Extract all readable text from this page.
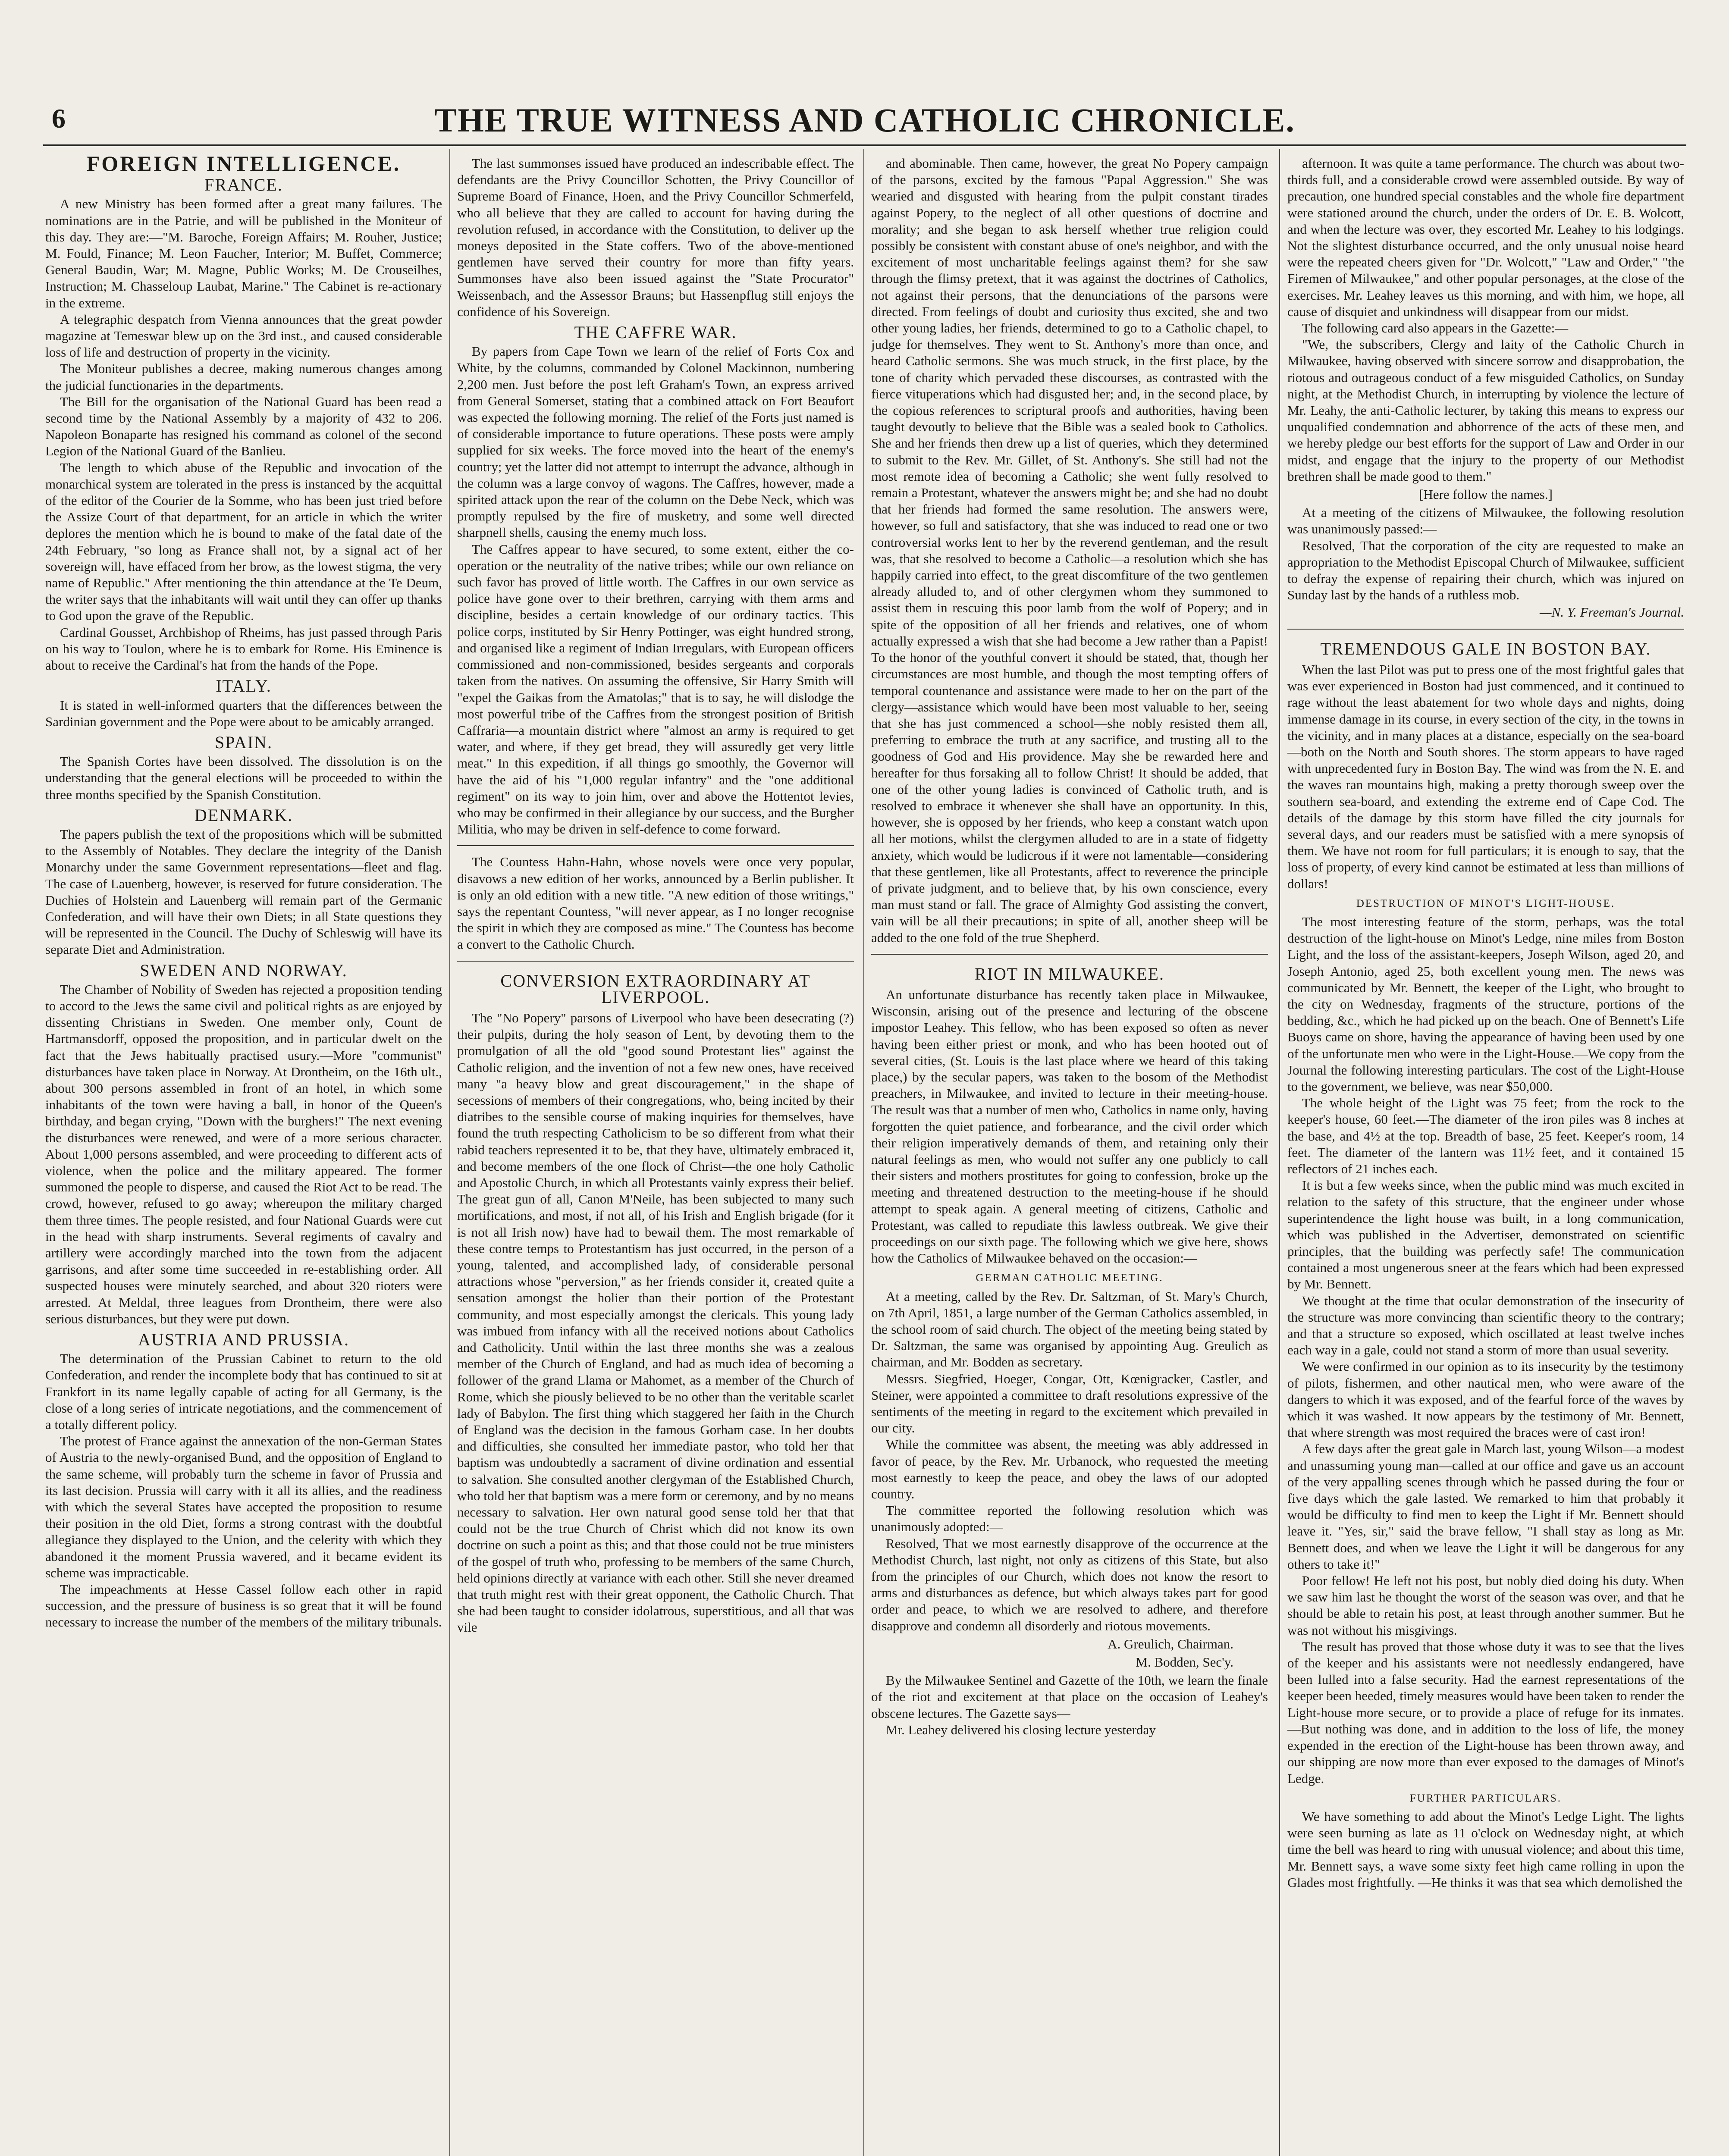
6	THE TRUE WITNESS AND CATHOLIC CHRONICLE.
FOREIGN INTELLIGENCE.
FRANCE.

A new Ministry has been formed after a great many failures. The nominations are in the Patrie, and will be published in the Moniteur of this day. They are:—"M. Baroche, Foreign Affairs; M. Rouher, Justice; M. Fould, Finance; M. Leon Faucher, Interior; M. Buffet, Commerce; General Baudin, War; M. Magne, Public Works; M. De Crouseilhes, Instruction; M. Chasseloup Laubat, Marine." The Cabinet is re-actionary in the extreme.

A telegraphic despatch from Vienna announces that the great powder magazine at Temeswar blew up on the 3rd inst., and caused considerable loss of life and destruction of property in the vicinity.

The Moniteur publishes a decree, making numerous changes among the judicial functionaries in the departments.

The Bill for the organisation of the National Guard has been read a second time by the National Assembly by a majority of 432 to 206. Napoleon Bonaparte has resigned his command as colonel of the second Legion of the National Guard of the Banlieu.

The length to which abuse of the Republic and invocation of the monarchical system are tolerated in the press is instanced by the acquittal of the editor of the Courier de la Somme, who has been just tried before the Assize Court of that department, for an article in which the writer deplores the mention which he is bound to make of the fatal date of the 24th February, "so long as France shall not, by a signal act of her sovereign will, have effaced from her brow, as the lowest stigma, the very name of Republic." After mentioning the thin attendance at the Te Deum, the writer says that the inhabitants will wait until they can offer up thanks to God upon the grave of the Republic.

Cardinal Gousset, Archbishop of Rheims, has just passed through Paris on his way to Toulon, where he is to embark for Rome. His Eminence is about to receive the Cardinal's hat from the hands of the Pope.

ITALY.

It is stated in well-informed quarters that the differences between the Sardinian government and the Pope were about to be amicably arranged.

SPAIN.

The Spanish Cortes have been dissolved. The dissolution is on the understanding that the general elections will be proceeded to within the three months specified by the Spanish Constitution.

DENMARK.

The papers publish the text of the propositions which will be submitted to the Assembly of Notables. They declare the integrity of the Danish Monarchy under the same Government representations—fleet and flag. The case of Lauenberg, however, is reserved for future consideration. The Duchies of Holstein and Lauenberg will remain part of the Germanic Confederation, and will have their own Diets; in all State questions they will be represented in the Council. The Duchy of Schleswig will have its separate Diet and Administration.

SWEDEN AND NORWAY.

The Chamber of Nobility of Sweden has rejected a proposition tending to accord to the Jews the same civil and political rights as are enjoyed by dissenting Christians in Sweden. One member only, Count de Hartmansdorff, opposed the proposition, and in particular dwelt on the fact that the Jews habitually practised usury.—More "communist" disturbances have taken place in Norway. At Drontheim, on the 16th ult., about 300 persons assembled in front of an hotel, in which some inhabitants of the town were having a ball, in honor of the Queen's birthday, and began crying, "Down with the burghers!" The next evening the disturbances were renewed, and were of a more serious character. About 1,000 persons assembled, and were proceeding to different acts of violence, when the police and the military appeared. The former summoned the people to disperse, and caused the Riot Act to be read. The crowd, however, refused to go away; whereupon the military charged them three times. The people resisted, and four National Guards were cut in the head with sharp instruments. Several regiments of cavalry and artillery were accordingly marched into the town from the adjacent garrisons, and after some time succeeded in re-establishing order. All suspected houses were minutely searched, and about 320 rioters were arrested. At Meldal, three leagues from Drontheim, there were also serious disturbances, but they were put down.

AUSTRIA AND PRUSSIA.

The determination of the Prussian Cabinet to return to the old Confederation, and render the incomplete body that has continued to sit at Frankfort in its name legally capable of acting for all Germany, is the close of a long series of intricate negotiations, and the commencement of a totally different policy.

The protest of France against the annexation of the non-German States of Austria to the newly-organised Bund, and the opposition of England to the same scheme, will probably turn the scheme in favor of Prussia and its last decision. Prussia will carry with it all its allies, and the readiness with which the several States have accepted the proposition to resume their position in the old Diet, forms a strong contrast with the doubtful allegiance they displayed to the Union, and the celerity with which they abandoned it the moment Prussia wavered, and it became evident its scheme was impracticable.

The impeachments at Hesse Cassel follow each other in rapid succession, and the pressure of business is so great that it will be found necessary to increase the number of the members of the military tribunals.

The last summonses issued have produced an indescribable effect. The defendants are the Privy Councillor Schotten, the Privy Councillor of Supreme Board of Finance, Hoen, and the Privy Councillor Schmerfeld, who all believe that they are called to account for having during the revolution refused, in accordance with the Constitution, to deliver up the moneys deposited in the State coffers. Two of the above-mentioned gentlemen have served their country for more than fifty years. Summonses have also been issued against the "State Procurator" Weissenbach, and the Assessor Brauns; but Hassenpflug still enjoys the confidence of his Sovereign.

THE CAFFRE WAR.

By papers from Cape Town we learn of the relief of Forts Cox and White, by the columns, commanded by Colonel Mackinnon, numbering 2,200 men. Just before the post left Graham's Town, an express arrived from General Somerset, stating that a combined attack on Fort Beaufort was expected the following morning. The relief of the Forts just named is of considerable importance to future operations. These posts were amply supplied for six weeks. The force moved into the heart of the enemy's country; yet the latter did not attempt to interrupt the advance, although in the column was a large convoy of wagons. The Caffres, however, made a spirited attack upon the rear of the column on the Debe Neck, which was promptly repulsed by the fire of musketry, and some well directed sharpnell shells, causing the enemy much loss.

The Caffres appear to have secured, to some extent, either the co-operation or the neutrality of the native tribes; while our own reliance on such favor has proved of little worth. The Caffres in our own service as police have gone over to their brethren, carrying with them arms and discipline, besides a certain knowledge of our ordinary tactics. This police corps, instituted by Sir Henry Pottinger, was eight hundred strong, and organised like a regiment of Indian Irregulars, with European officers commissioned and non-commissioned, besides sergeants and corporals taken from the natives. On assuming the offensive, Sir Harry Smith will "expel the Gaikas from the Amatolas;" that is to say, he will dislodge the most powerful tribe of the Caffres from the strongest position of British Caffraria—a mountain district where "almost an army is required to get water, and where, if they get bread, they will assuredly get very little meat." In this expedition, if all things go smoothly, the Governor will have the aid of his "1,000 regular infantry" and the "one additional regiment" on its way to join him, over and above the Hottentot levies, who may be confirmed in their allegiance by our success, and the Burgher Militia, who may be driven in self-defence to come forward.

The Countess Hahn-Hahn, whose novels were once very popular, disavows a new edition of her works, announced by a Berlin publisher. It is only an old edition with a new title. "A new edition of those writings," says the repentant Countess, "will never appear, as I no longer recognise the spirit in which they are composed as mine." The Countess has become a convert to the Catholic Church.

CONVERSION EXTRAORDINARY AT LIVERPOOL.

The "No Popery" parsons of Liverpool who have been desecrating (?) their pulpits, during the holy season of Lent, by devoting them to the promulgation of all the old "good sound Protestant lies" against the Catholic religion, and the invention of not a few new ones, have received many "a heavy blow and great discouragement," in the shape of secessions of members of their congregations, who, being incited by their diatribes to the sensible course of making inquiries for themselves, have found the truth respecting Catholicism to be so different from what their rabid teachers represented it to be, that they have, ultimately embraced it, and become members of the one flock of Christ—the one holy Catholic and Apostolic Church, in which all Protestants vainly express their belief. The great gun of all, Canon M'Neile, has been subjected to many such mortifications, and most, if not all, of his Irish and English brigade (for it is not all Irish now) have had to bewail them. The most remarkable of these contre temps to Protestantism has just occurred, in the person of a young, talented, and accomplished lady, of considerable personal attractions whose "perversion," as her friends consider it, created quite a sensation amongst the holier than their portion of the Protestant community, and most especially amongst the clericals. This young lady was imbued from infancy with all the received notions about Catholics and Catholicity. Until within the last three months she was a zealous member of the Church of England, and had as much idea of becoming a follower of the grand Llama or Mahomet, as a member of the Church of Rome, which she piously believed to be no other than the veritable scarlet lady of Babylon. The first thing which staggered her faith in the Church of England was the decision in the famous Gorham case. In her doubts and difficulties, she consulted her immediate pastor, who told her that baptism was undoubtedly a sacrament of divine ordination and essential to salvation. She consulted another clergyman of the Established Church, who told her that baptism was a mere form or ceremony, and by no means necessary to salvation. Her own natural good sense told her that that could not be the true Church of Christ which did not know its own doctrine on such a point as this; and that those could not be true ministers of the gospel of truth who, professing to be members of the same Church, held opinions directly at variance with each other. Still she never dreamed that truth might rest with their great opponent, the Catholic Church. That she had been taught to consider idolatrous, superstitious, and all that was vile

and abominable. Then came, however, the great No Popery campaign of the parsons, excited by the famous "Papal Aggression." She was wearied and disgusted with hearing from the pulpit constant tirades against Popery, to the neglect of all other questions of doctrine and morality; and she began to ask herself whether true religion could possibly be consistent with constant abuse of one's neighbor, and with the excitement of most uncharitable feelings against them? for she saw through the flimsy pretext, that it was against the doctrines of Catholics, not against their persons, that the denunciations of the parsons were directed. From feelings of doubt and curiosity thus excited, she and two other young ladies, her friends, determined to go to a Catholic chapel, to judge for themselves. They went to St. Anthony's more than once, and heard Catholic sermons. She was much struck, in the first place, by the tone of charity which pervaded these discourses, as contrasted with the fierce vituperations which had disgusted her; and, in the second place, by the copious references to scriptural proofs and authorities, having been taught devoutly to believe that the Bible was a sealed book to Catholics. She and her friends then drew up a list of queries, which they determined to submit to the Rev. Mr. Gillet, of St. Anthony's. She still had not the most remote idea of becoming a Catholic; she went fully resolved to remain a Protestant, whatever the answers might be; and she had no doubt that her friends had formed the same resolution. The answers were, however, so full and satisfactory, that she was induced to read one or two controversial works lent to her by the reverend gentleman, and the result was, that she resolved to become a Catholic—a resolution which she has happily carried into effect, to the great discomfiture of the two gentlemen already alluded to, and of other clergymen whom they summoned to assist them in rescuing this poor lamb from the wolf of Popery; and in spite of the opposition of all her friends and relatives, one of whom actually expressed a wish that she had become a Jew rather than a Papist! To the honor of the youthful convert it should be stated, that, though her circumstances are most humble, and though the most tempting offers of temporal countenance and assistance were made to her on the part of the clergy—assistance which would have been most valuable to her, seeing that she has just commenced a school—she nobly resisted them all, preferring to embrace the truth at any sacrifice, and trusting all to the goodness of God and His providence. May she be rewarded here and hereafter for thus forsaking all to follow Christ! It should be added, that one of the other young ladies is convinced of Catholic truth, and is resolved to embrace it whenever she shall have an opportunity. In this, however, she is opposed by her friends, who keep a constant watch upon all her motions, whilst the clergymen alluded to are in a state of fidgetty anxiety, which would be ludicrous if it were not lamentable—considering that these gentlemen, like all Protestants, affect to reverence the principle of private judgment, and to believe that, by his own conscience, every man must stand or fall. The grace of Almighty God assisting the convert, vain will be all their precautions; in spite of all, another sheep will be added to the one fold of the true Shepherd.

RIOT IN MILWAUKEE.

An unfortunate disturbance has recently taken place in Milwaukee, Wisconsin, arising out of the presence and lecturing of the obscene impostor Leahey. This fellow, who has been exposed so often as never having been either priest or monk, and who has been hooted out of several cities, (St. Louis is the last place where we heard of this taking place,) by the secular papers, was taken to the bosom of the Methodist preachers, in Milwaukee, and invited to lecture in their meeting-house. The result was that a number of men who, Catholics in name only, having forgotten the quiet patience, and forbearance, and the civil order which their religion imperatively demands of them, and retaining only their natural feelings as men, who would not suffer any one publicly to call their sisters and mothers prostitutes for going to confession, broke up the meeting and threatened destruction to the meeting-house if he should attempt to speak again. A general meeting of citizens, Catholic and Protestant, was called to repudiate this lawless outbreak. We give their proceedings on our sixth page. The following which we give here, shows how the Catholics of Milwaukee behaved on the occasion:—

GERMAN CATHOLIC MEETING.

At a meeting, called by the Rev. Dr. Saltzman, of St. Mary's Church, on 7th April, 1851, a large number of the German Catholics assembled, in the school room of said church. The object of the meeting being stated by Dr. Saltzman, the same was organised by appointing Aug. Greulich as chairman, and Mr. Bodden as secretary.

Messrs. Siegfried, Hoeger, Congar, Ott, Kœnigracker, Castler, and Steiner, were appointed a committee to draft resolutions expressive of the sentiments of the meeting in regard to the excitement which prevailed in our city.

While the committee was absent, the meeting was ably addressed in favor of peace, by the Rev. Mr. Urbanock, who requested the meeting most earnestly to keep the peace, and obey the laws of our adopted country.

The committee reported the following resolution which was unanimously adopted:—

Resolved, That we most earnestly disapprove of the occurrence at the Methodist Church, last night, not only as citizens of this State, but also from the principles of our Church, which does not know the resort to arms and disturbances as defence, but which always takes part for good order and peace, to which we are resolved to adhere, and therefore disapprove and condemn all disorderly and riotous movements.

A. Greulich, Chairman.
M. Bodden, Sec'y.

By the Milwaukee Sentinel and Gazette of the 10th, we learn the finale of the riot and excitement at that place on the occasion of Leahey's obscene lectures. The Gazette says—

Mr. Leahey delivered his closing lecture yesterday

afternoon. It was quite a tame performance. The church was about two-thirds full, and a considerable crowd were assembled outside. By way of precaution, one hundred special constables and the whole fire department were stationed around the church, under the orders of Dr. E. B. Wolcott, and when the lecture was over, they escorted Mr. Leahey to his lodgings. Not the slightest disturbance occurred, and the only unusual noise heard were the repeated cheers given for "Dr. Wolcott," "Law and Order," "the Firemen of Milwaukee," and other popular personages, at the close of the exercises. Mr. Leahey leaves us this morning, and with him, we hope, all cause of disquiet and unkindness will disappear from our midst.

The following card also appears in the Gazette:—

"We, the subscribers, Clergy and laity of the Catholic Church in Milwaukee, having observed with sincere sorrow and disapprobation, the riotous and outrageous conduct of a few misguided Catholics, on Sunday night, at the Methodist Church, in interrupting by violence the lecture of Mr. Leahy, the anti-Catholic lecturer, by taking this means to express our unqualified condemnation and abhorrence of the acts of these men, and we hereby pledge our best efforts for the support of Law and Order in our midst, and engage that the injury to the property of our Methodist brethren shall be made good to them."

[Here follow the names.]

At a meeting of the citizens of Milwaukee, the following resolution was unanimously passed:—

Resolved, That the corporation of the city are requested to make an appropriation to the Methodist Episcopal Church of Milwaukee, sufficient to defray the expense of repairing their church, which was injured on Sunday last by the hands of a ruthless mob.

—N. Y. Freeman's Journal.
TREMENDOUS GALE IN BOSTON BAY.

When the last Pilot was put to press one of the most frightful gales that was ever experienced in Boston had just commenced, and it continued to rage without the least abatement for two whole days and nights, doing immense damage in its course, in every section of the city, in the towns in the vicinity, and in many places at a distance, especially on the sea-board—both on the North and South shores. The storm appears to have raged with unprecedented fury in Boston Bay. The wind was from the N. E. and the waves ran mountains high, making a pretty thorough sweep over the southern sea-board, and extending the extreme end of Cape Cod. The details of the damage by this storm have filled the city journals for several days, and our readers must be satisfied with a mere synopsis of them. We have not room for full particulars; it is enough to say, that the loss of property, of every kind cannot be estimated at less than millions of dollars!

DESTRUCTION OF MINOT'S LIGHT-HOUSE.

The most interesting feature of the storm, perhaps, was the total destruction of the light-house on Minot's Ledge, nine miles from Boston Light, and the loss of the assistant-keepers, Joseph Wilson, aged 20, and Joseph Antonio, aged 25, both excellent young men. The news was communicated by Mr. Bennett, the keeper of the Light, who brought to the city on Wednesday, fragments of the structure, portions of the bedding, &c., which he had picked up on the beach. One of Bennett's Life Buoys came on shore, having the appearance of having been used by one of the unfortunate men who were in the Light-House.—We copy from the Journal the following interesting particulars. The cost of the Light-House to the government, we believe, was near $50,000.

The whole height of the Light was 75 feet; from the rock to the keeper's house, 60 feet.—The diameter of the iron piles was 8 inches at the base, and 4½ at the top. Breadth of base, 25 feet. Keeper's room, 14 feet. The diameter of the lantern was 11½ feet, and it contained 15 reflectors of 21 inches each.

It is but a few weeks since, when the public mind was much excited in relation to the safety of this structure, that the engineer under whose superintendence the light house was built, in a long communication, which was published in the Advertiser, demonstrated on scientific principles, that the building was perfectly safe! The communication contained a most ungenerous sneer at the fears which had been expressed by Mr. Bennett.

We thought at the time that ocular demonstration of the insecurity of the structure was more convincing than scientific theory to the contrary; and that a structure so exposed, which oscillated at least twelve inches each way in a gale, could not stand a storm of more than usual severity.

We were confirmed in our opinion as to its insecurity by the testimony of pilots, fishermen, and other nautical men, who were aware of the dangers to which it was exposed, and of the fearful force of the waves by which it was washed. It now appears by the testimony of Mr. Bennett, that where strength was most required the braces were of cast iron!

A few days after the great gale in March last, young Wilson—a modest and unassuming young man—called at our office and gave us an account of the very appalling scenes through which he passed during the four or five days which the gale lasted. We remarked to him that probably it would be difficulty to find men to keep the Light if Mr. Bennett should leave it. "Yes, sir," said the brave fellow, "I shall stay as long as Mr. Bennett does, and when we leave the Light it will be dangerous for any others to take it!"

Poor fellow! He left not his post, but nobly died doing his duty. When we saw him last he thought the worst of the season was over, and that he should be able to retain his post, at least through another summer. But he was not without his misgivings.

The result has proved that those whose duty it was to see that the lives of the keeper and his assistants were not needlessly endangered, have been lulled into a false security. Had the earnest representations of the keeper been heeded, timely measures would have been taken to render the Light-house more secure, or to provide a place of refuge for its inmates.—But nothing was done, and in addition to the loss of life, the money expended in the erection of the Light-house has been thrown away, and our shipping are now more than ever exposed to the damages of Minot's Ledge.

FURTHER PARTICULARS.

We have something to add about the Minot's Ledge Light. The lights were seen burning as late as 11 o'clock on Wednesday night, at which time the bell was heard to ring with unusual violence; and about this time, Mr. Bennett says, a wave some sixty feet high came rolling in upon the Glades most frightfully. —He thinks it was that sea which demolished the
